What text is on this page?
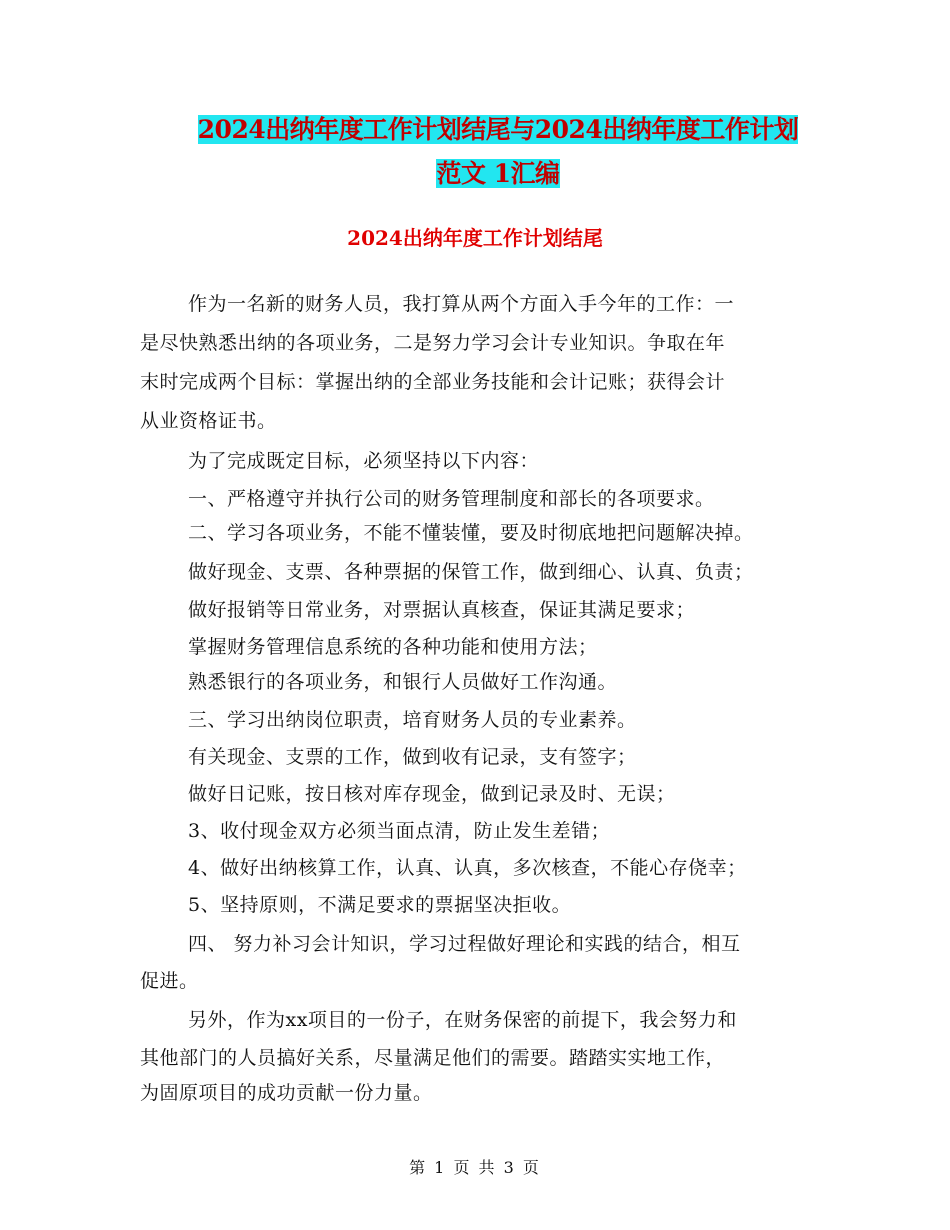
2024出纳年度工作计划结尾与2024出纳年度工作计划
范文 1汇编
2024出纳年度工作计划结尾
作为一名新的财务人员，我打算从两个方面入手今年的工作：一
是尽快熟悉出纳的各项业务，二是努力学习会计专业知识。争取在年
末时完成两个目标：掌握出纳的全部业务技能和会计记账；获得会计
从业资格证书。
为了完成既定目标，必须坚持以下内容：
一、严格遵守并执行公司的财务管理制度和部长的各项要求。
二、学习各项业务，不能不懂装懂，要及时彻底地把问题解决掉。
做好现金、支票、各种票据的保管工作，做到细心、认真、负责；
做好报销等日常业务，对票据认真核查，保证其满足要求；
掌握财务管理信息系统的各种功能和使用方法；
熟悉银行的各项业务，和银行人员做好工作沟通。
三、学习出纳岗位职责，培育财务人员的专业素养。
有关现金、支票的工作，做到收有记录，支有签字；
做好日记账，按日核对库存现金，做到记录及时、无误；
3、收付现金双方必须当面点清，防止发生差错；
4、做好出纳核算工作，认真、认真，多次核查，不能心存侥幸；
5、坚持原则，不满足要求的票据坚决拒收。
四、 努力补习会计知识，学习过程做好理论和实践的结合，相互
促进。
另外，作为xx项目的一份子，在财务保密的前提下，我会努力和
其他部门的人员搞好关系，尽量满足他们的需要。踏踏实实地工作，
为固原项目的成功贡献一份力量。
第 1 页 共 3 页
